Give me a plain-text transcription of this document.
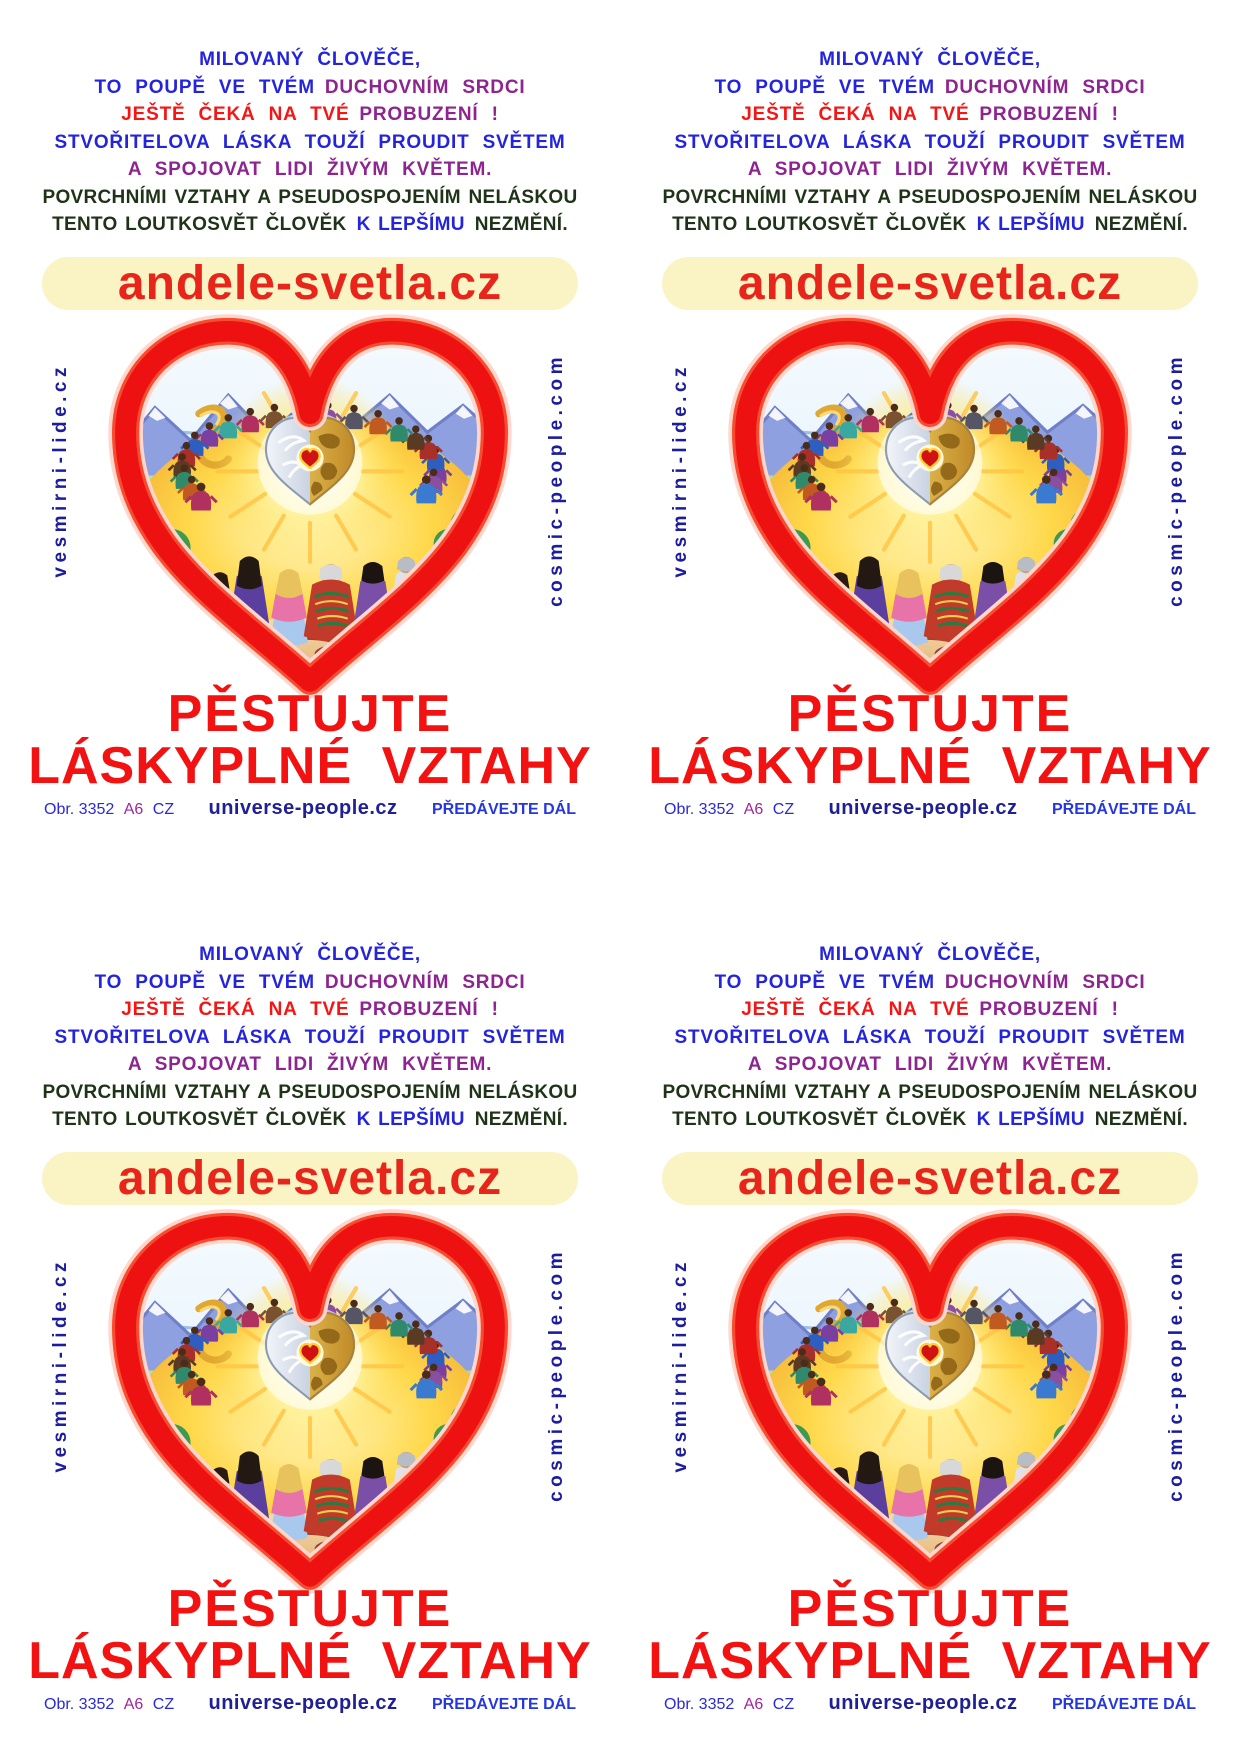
MILOVANÝ ČLOVĚČE,
TO POUPĚ VE TVÉM DUCHOVNÍM SRDCI
JEŠTĚ ČEKÁ NA TVÉ PROBUZENÍ !
STVOŘITELOVA LÁSKA TOUŽÍ PROUDIT SVĚTEM
A SPOJOVAT LIDI ŽIVÝM KVĚTEM.
POVRCHNÍMI VZTAHY A PSEUDOSPOJENÍM NELÁSKOU
TENTO LOUTKOSVĚT ČLOVĚK K LEPŠÍMU NEZMĚNÍ.
andele-svetla.cz
vesmirni-lide.cz	cosmic-people.com
PĚSTUJTE
LÁSKYPLNÉ VZTAHY
Obr. 3352 A6 CZ universe-people.cz PŘEDÁVEJTE DÁL
MILOVANÝ ČLOVĚČE,
TO POUPĚ VE TVÉM DUCHOVNÍM SRDCI
JEŠTĚ ČEKÁ NA TVÉ PROBUZENÍ !
STVOŘITELOVA LÁSKA TOUŽÍ PROUDIT SVĚTEM
A SPOJOVAT LIDI ŽIVÝM KVĚTEM.
POVRCHNÍMI VZTAHY A PSEUDOSPOJENÍM NELÁSKOU
TENTO LOUTKOSVĚT ČLOVĚK K LEPŠÍMU NEZMĚNÍ.
andele-svetla.cz
vesmirni-lide.cz	cosmic-people.com
PĚSTUJTE
LÁSKYPLNÉ VZTAHY
Obr. 3352 A6 CZ universe-people.cz PŘEDÁVEJTE DÁL
MILOVANÝ ČLOVĚČE,
TO POUPĚ VE TVÉM DUCHOVNÍM SRDCI
JEŠTĚ ČEKÁ NA TVÉ PROBUZENÍ !
STVOŘITELOVA LÁSKA TOUŽÍ PROUDIT SVĚTEM
A SPOJOVAT LIDI ŽIVÝM KVĚTEM.
POVRCHNÍMI VZTAHY A PSEUDOSPOJENÍM NELÁSKOU
TENTO LOUTKOSVĚT ČLOVĚK K LEPŠÍMU NEZMĚNÍ.
andele-svetla.cz
vesmirni-lide.cz	cosmic-people.com
PĚSTUJTE
LÁSKYPLNÉ VZTAHY
Obr. 3352 A6 CZ universe-people.cz PŘEDÁVEJTE DÁL
MILOVANÝ ČLOVĚČE,
TO POUPĚ VE TVÉM DUCHOVNÍM SRDCI
JEŠTĚ ČEKÁ NA TVÉ PROBUZENÍ !
STVOŘITELOVA LÁSKA TOUŽÍ PROUDIT SVĚTEM
A SPOJOVAT LIDI ŽIVÝM KVĚTEM.
POVRCHNÍMI VZTAHY A PSEUDOSPOJENÍM NELÁSKOU
TENTO LOUTKOSVĚT ČLOVĚK K LEPŠÍMU NEZMĚNÍ.
andele-svetla.cz
vesmirni-lide.cz	cosmic-people.com
PĚSTUJTE
LÁSKYPLNÉ VZTAHY
Obr. 3352 A6 CZ universe-people.cz PŘEDÁVEJTE DÁL
